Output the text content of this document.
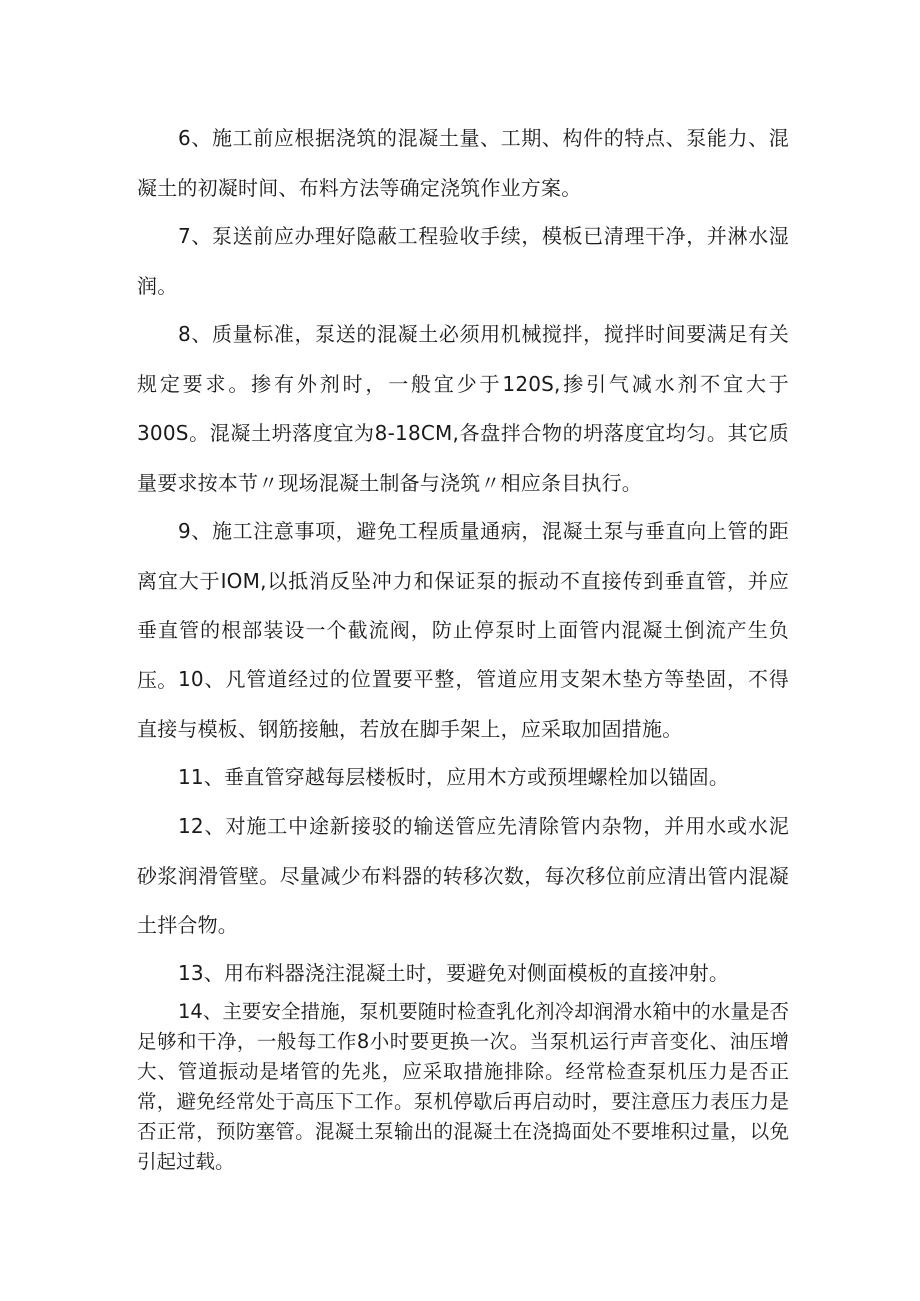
6、施工前应根据浇筑的混凝土量、工期、构件的特点、泵能力、混凝土的初凝时间、布料方法等确定浇筑作业方案。

7、泵送前应办理好隐蔽工程验收手续，模板已清理干净，并淋水湿润。

8、质量标准，泵送的混凝土必须用机械搅拌，搅拌时间要满足有关规定要求。掺有外剂时，一般宜少于120S,掺引气减水剂不宜大于300S。混凝土坍落度宜为8-18CM,各盘拌合物的坍落度宜均匀。其它质量要求按本节〃现场混凝土制备与浇筑〃相应条目执行。

9、施工注意事项，避免工程质量通病，混凝土泵与垂直向上管的距离宜大于IOM,以抵消反坠冲力和保证泵的振动不直接传到垂直管，并应垂直管的根部装设一个截流阀，防止停泵时上面管内混凝土倒流产生负压。 10、凡管道经过的位置要平整，管道应用支架木垫方等垫固，不得直接与模板、钢筋接触，若放在脚手架上，应采取加固措施。

11、垂直管穿越每层楼板时，应用木方或预埋螺栓加以锚固。

12、对施工中途新接驳的输送管应先清除管内杂物，并用水或水泥砂浆润滑管壁。尽量减少布料器的转移次数，每次移位前应清出管内混凝土拌合物。

13、用布料器浇注混凝土时，要避免对侧面模板的直接冲射。

14、主要安全措施，泵机要随时检查乳化剂冷却润滑水箱中的水量是否足够和干净，一般每工作8小时要更换一次。当泵机运行声音变化、油压增大、管道振动是堵管的先兆，应采取措施排除。经常检查泵机压力是否正常，避免经常处于高压下工作。泵机停歇后再启动时，要注意压力表压力是否正常，预防塞管。混凝土泵输出的混凝土在浇捣面处不要堆积过量，以免引起过载。
